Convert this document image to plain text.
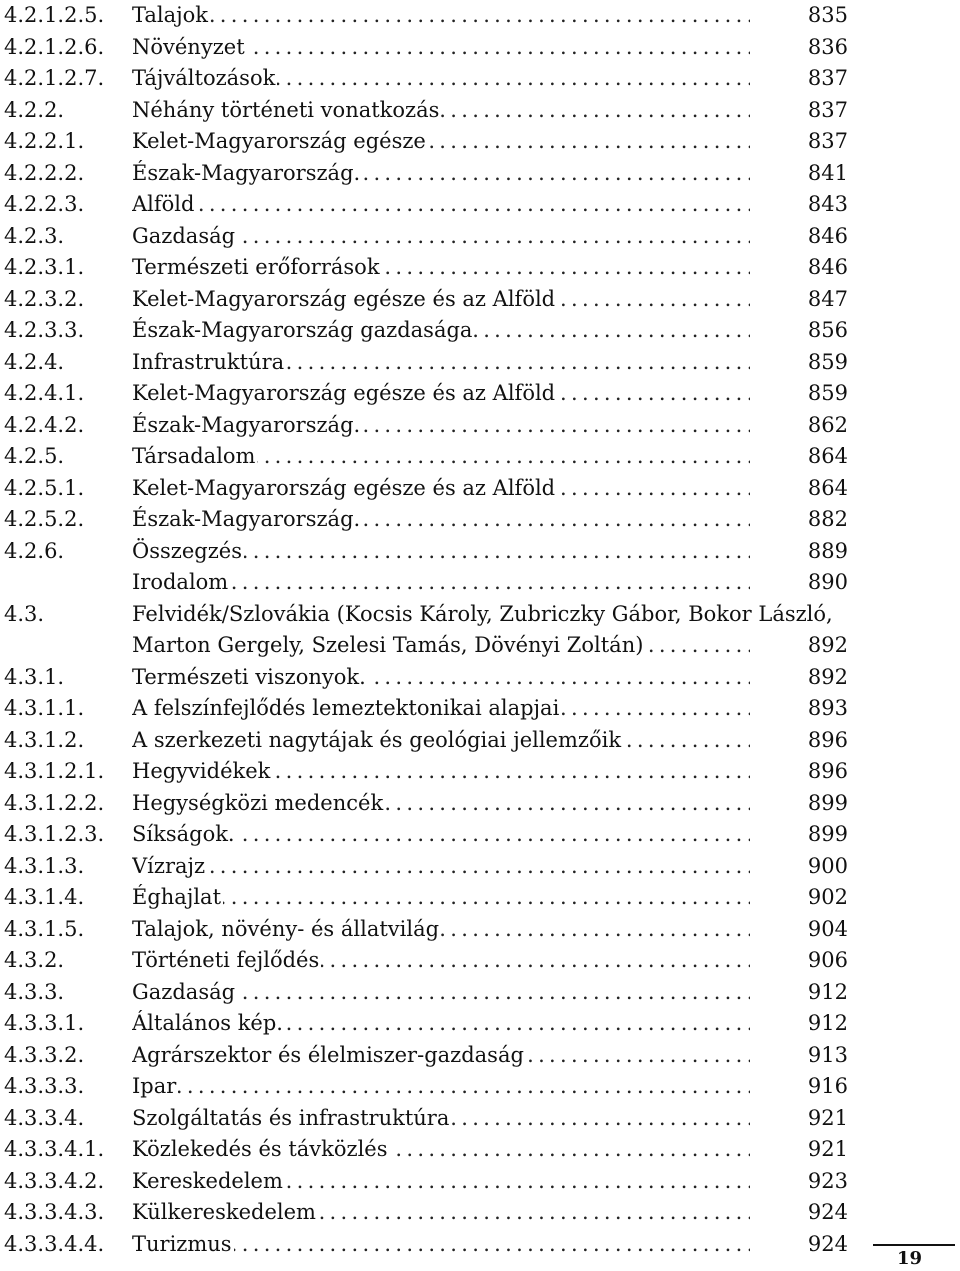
4.2.1.2.5. Talajok .....	835
4.2.1.2.6. Növényzet .....	836
4.2.1.2.7. Tájváltozások .....	837
4.2.2.	Néhány történeti vonatkozás .....	837
4.2.2.1. Kelet-Magyarország egésze .....	837
4.2.2.2. Észak-Magyarország. .....	841
4.2.2.3. Alföld .....	843
4.2.3.	Gazdaság .....	846
4.2.3.1. Természeti erőforrások .....	846
4.2.3.2. Kelet-Magyarország egésze és az Alföld .....	847
4.2.3.3. Észak-Magyarország gazdasága .....	856
4.2.4.	Infrastruktúra .....	859
4.2.4.1. Kelet-Magyarország egésze és az Alföld .....	859
4.2.4.2. Észak-Magyarország. .....	862
4.2.5.	Társadalom .....	864
4.2.5.1. Kelet-Magyarország egésze és az Alföld .....	864
4.2.5.2. Észak-Magyarország. .....	882
4.2.6.	Összegzés .....	889
Irodalom .....	890
4.3.	Felvidék/Szlovákia (Kocsis Károly, Zubriczky Gábor, Bokor László,
Marton Gergely, Szelesi Tamás, Dövényi Zoltán) .....	892
4.3.1.	Természeti viszonyok. .....	892
4.3.1.1. A felszínfejlődés lemeztektonikai alapjai .....	893
4.3.1.2. A szerkezeti nagytájak és geológiai jellemzőik .....	896
4.3.1.2.1. Hegyvidékek .....	896
4.3.1.2.2. Hegységközi medencék .....	899
4.3.1.2.3. Síkságok. .....	899
4.3.1.3. Vízrajz .....	900
4.3.1.4. Éghajlat .....	902
4.3.1.5. Talajok, növény- és állatvilág .....	904
4.3.2.	Történeti fejlődés .....	906
4.3.3.	Gazdaság .....	912
4.3.3.1. Általános kép. .....	912
4.3.3.2. Agrárszektor és élelmiszer-gazdaság .....	913
4.3.3.3. Ipar .....	916
4.3.3.4. Szolgáltatás és infrastruktúra .....	921
4.3.3.4.1. Közlekedés és távközlés .....	921
4.3.3.4.2. Kereskedelem .....	923
4.3.3.4.3. Külkereskedelem .....	924
4.3.3.4.4. Turizmus .....	924
19
